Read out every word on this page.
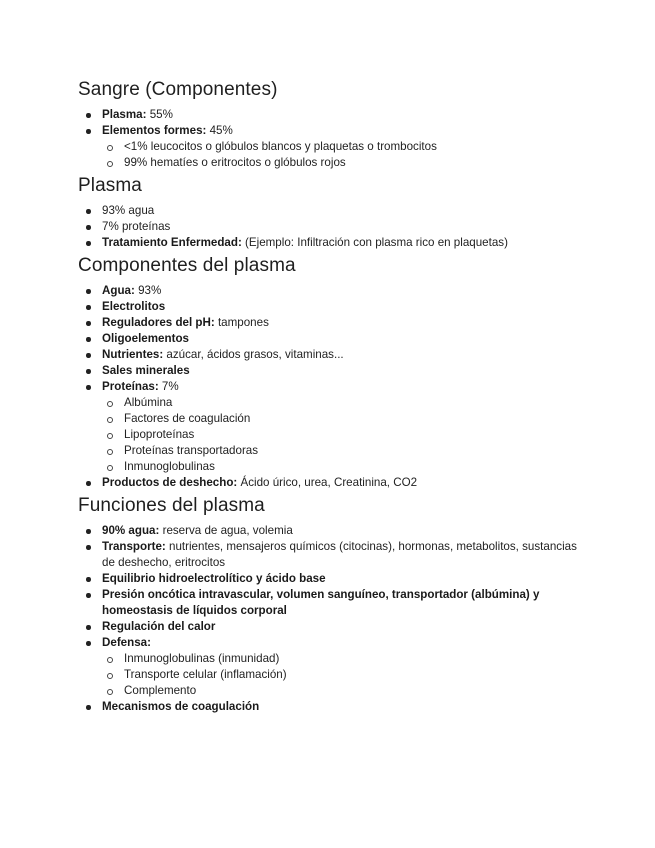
Sangre (Componentes)
Plasma: 55%
Elementos formes: 45%
<1% leucocitos o glóbulos blancos y plaquetas o trombocitos
99% hematíes o eritrocitos o glóbulos rojos
Plasma
93% agua
7% proteínas
Tratamiento Enfermedad: (Ejemplo: Infiltración con plasma rico en plaquetas)
Componentes del plasma
Agua: 93%
Electrolitos
Reguladores del pH: tampones
Oligoelementos
Nutrientes: azúcar, ácidos grasos, vitaminas...
Sales minerales
Proteínas: 7%
Albúmina
Factores de coagulación
Lipoproteínas
Proteínas transportadoras
Inmunoglobulinas
Productos de deshecho: Ácido úrico, urea, Creatinina, CO2
Funciones del plasma
90% agua: reserva de agua, volemia
Transporte: nutrientes, mensajeros químicos (citocinas), hormonas, metabolitos, sustancias de deshecho, eritrocitos
Equilibrio hidroelectrolítico y ácido base
Presión oncótica intravascular, volumen sanguíneo, transportador (albúmina) y homeostasis de líquidos corporal
Regulación del calor
Defensa:
Inmunoglobulinas (inmunidad)
Transporte celular (inflamación)
Complemento
Mecanismos de coagulación
